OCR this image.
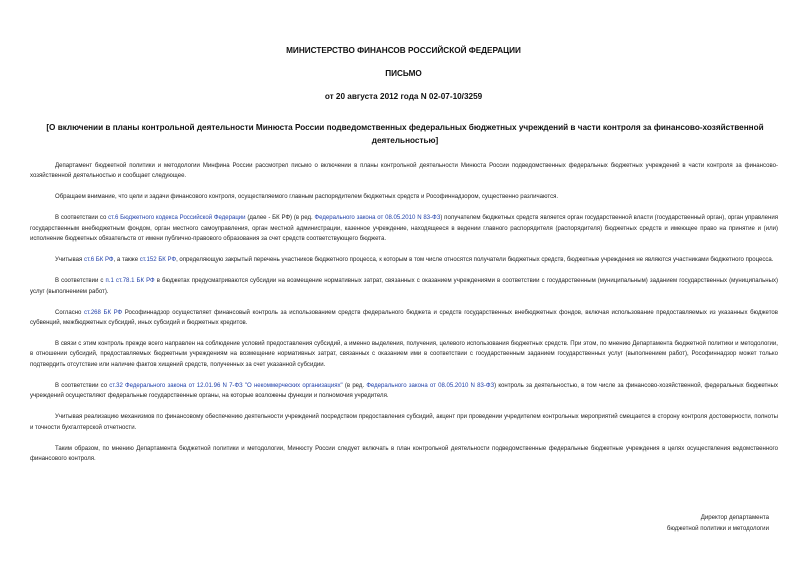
МИНИСТЕРСТВО ФИНАНСОВ РОССИЙСКОЙ ФЕДЕРАЦИИ
ПИСЬМО
от 20 августа 2012 года N 02-07-10/3259
[О включении в планы контрольной деятельности Минюста России подведомственных федеральных бюджетных учреждений в части контроля за финансово-хозяйственной деятельностью]

Департамент бюджетной политики и методологии Минфина России рассмотрел письмо о включении в планы контрольной деятельности Минюста России подведомственных федеральных бюджетных учреждений в части контроля за финансово-хозяйственной деятельностью и сообщает следующее.

Обращаем внимание, что цели и задачи финансового контроля, осуществляемого главным распорядителем бюджетных средств и Рософиннадзором, существенно различаются.

В соответствии со ст.6 Бюджетного кодекса Российской Федерации (далее - БК РФ) (в ред. Федерального закона от 08.05.2010 N 83-ФЗ) получателем бюджетных средств является орган государственной власти (государственный орган), орган управления государственным внебюджетным фондом, орган местного самоуправления, орган местной администрации, казенное учреждение, находящееся в ведении главного распорядителя (распорядителя) бюджетных средств и имеющее право на принятие и (или) исполнение бюджетных обязательств от имени публично-правового образования за счет средств соответствующего бюджета.

Учитывая ст.6 БК РФ, а также ст.152 БК РФ, определяющую закрытый перечень участников бюджетного процесса, к которым в том числе относятся получатели бюджетных средств, бюджетные учреждения не являются участниками бюджетного процесса.

В соответствии с п.1 ст.78.1 БК РФ в бюджетах предусматриваются субсидии на возмещение нормативных затрат, связанных с оказанием учреждениями в соответствии с государственным (муниципальным) заданием государственных (муниципальных) услуг (выполнением работ).

Согласно ст.268 БК РФ Рософиннадзор осуществляет финансовый контроль за использованием средств федерального бюджета и средств государственных внебюджетных фондов, включая использование предоставляемых из указанных бюджетов субвенций, межбюджетных субсидий, иных субсидий и бюджетных кредитов.

В связи с этим контроль прежде всего направлен на соблюдение условий предоставления субсидий, а именно выделения, получения, целевого использования бюджетных средств. При этом, по мнению Департамента бюджетной политики и методологии, в отношении субсидий, предоставляемых бюджетным учреждениям на возмещение нормативных затрат, связанных с оказанием ими в соответствии с государственным заданием государственных услуг (выполнением работ), Рософиннадзор может только подтвердить отсутствие или наличие фактов хищений средств, полученных за счет указанной субсидии.

В соответствии со ст.32 Федерального закона от 12.01.96 N 7-ФЗ "О некоммерческих организациях" (в ред. Федерального закона от 08.05.2010 N 83-ФЗ) контроль за деятельностью, в том числе за финансово-хозяйственной, федеральных бюджетных учреждений осуществляют федеральные государственные органы, на которые возложены функции и полномочия учредителя.

Учитывая реализацию механизмов по финансовому обеспечению деятельности учреждений посредством предоставления субсидий, акцент при проведении учредителем контрольных мероприятий смещается в сторону контроля достоверности, полноты и точности бухгалтерской отчетности.

Таким образом, по мнению Департамента бюджетной политики и методологии, Минюсту России следует включать в план контрольной деятельности подведомственные федеральные бюджетные учреждения в целях осуществления ведомственного финансового контроля.

Директор департамента
бюджетной политики и методологии
